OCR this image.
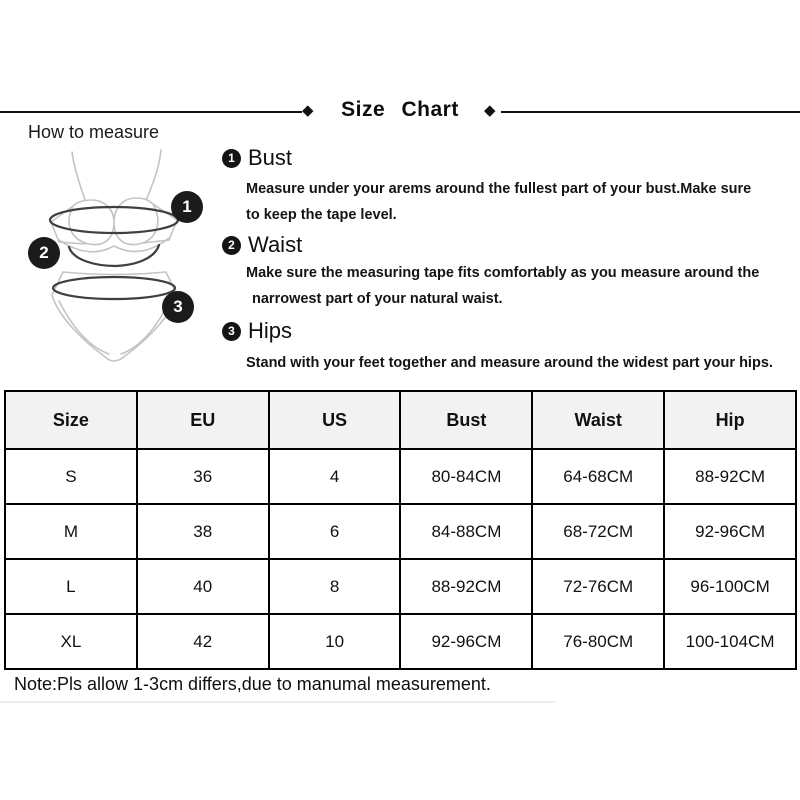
◆	Size Chart	◆
How to measure
1
2
3
1 Bust
Measure under your arems around the fullest part of your bust.Make sure
to keep the tape level.
2 Waist
Make sure the measuring tape fits comfortably as you measure around the
narrowest part of your natural waist.
3 Hips
Stand with your feet together and measure around the widest part your hips.
Size	EU	US	Bust	Waist	Hip
S	36	4	80-84CM	64-68CM	88-92CM
M	38	6	84-88CM	68-72CM	92-96CM
L	40	8	88-92CM	72-76CM	96-100CM
XL	42	10	92-96CM	76-80CM	100-104CM
Note:Pls allow 1-3cm differs,due to manumal measurement.
